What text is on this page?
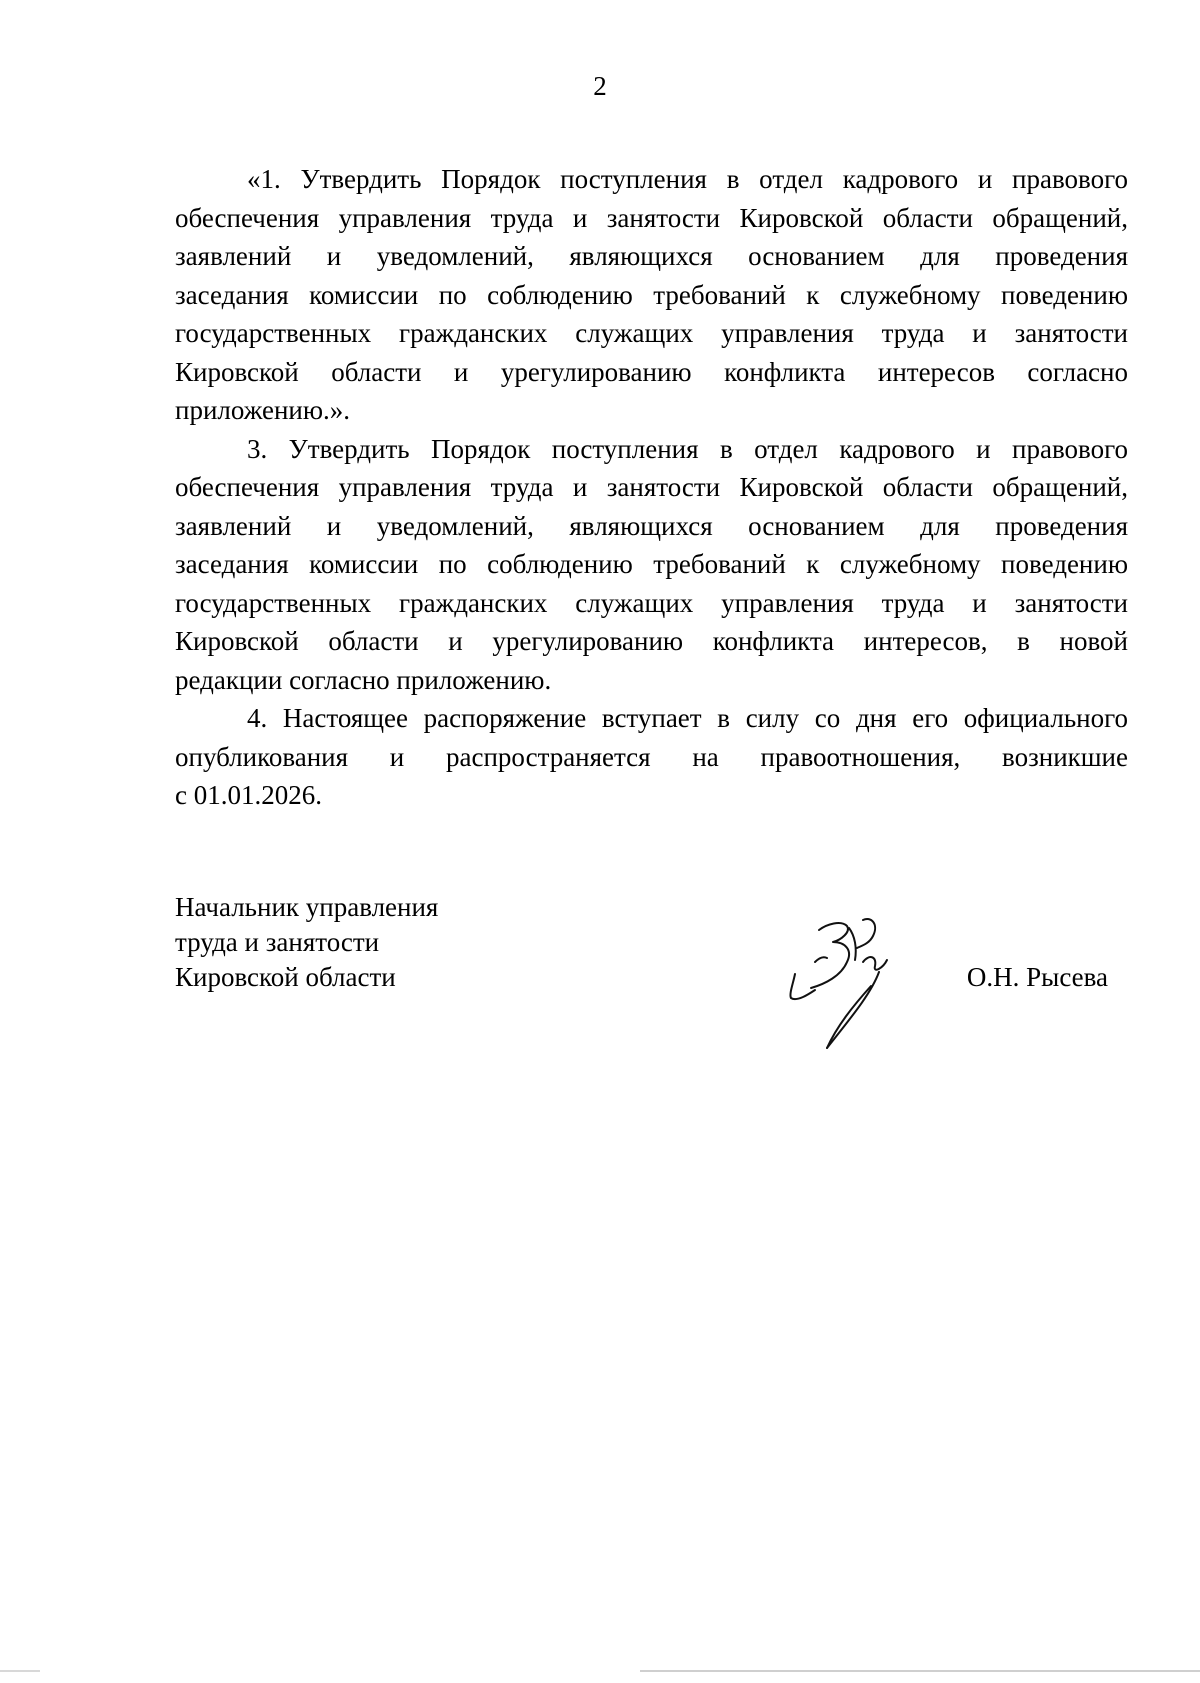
2

«1. Утвердить Порядок поступления в отдел кадрового и правового
обеспечения управления труда и занятости Кировской области обращений,
заявлений и уведомлений, являющихся основанием для проведения
заседания комиссии по соблюдению требований к служебному поведению
государственных гражданских служащих управления труда и занятости
Кировской области и урегулированию конфликта интересов согласно
приложению.».

3. Утвердить Порядок поступления в отдел кадрового и правового
обеспечения управления труда и занятости Кировской области обращений,
заявлений и уведомлений, являющихся основанием для проведения
заседания комиссии по соблюдению требований к служебному поведению
государственных гражданских служащих управления труда и занятости
Кировской области и урегулированию конфликта интересов, в новой
редакции согласно приложению.

4. Настоящее распоряжение вступает в силу со дня его официального
опубликования и распространяется на правоотношения, возникшие
с 01.01.2026.

Начальник управления
труда и занятости
Кировской области	О.Н. Рысева
